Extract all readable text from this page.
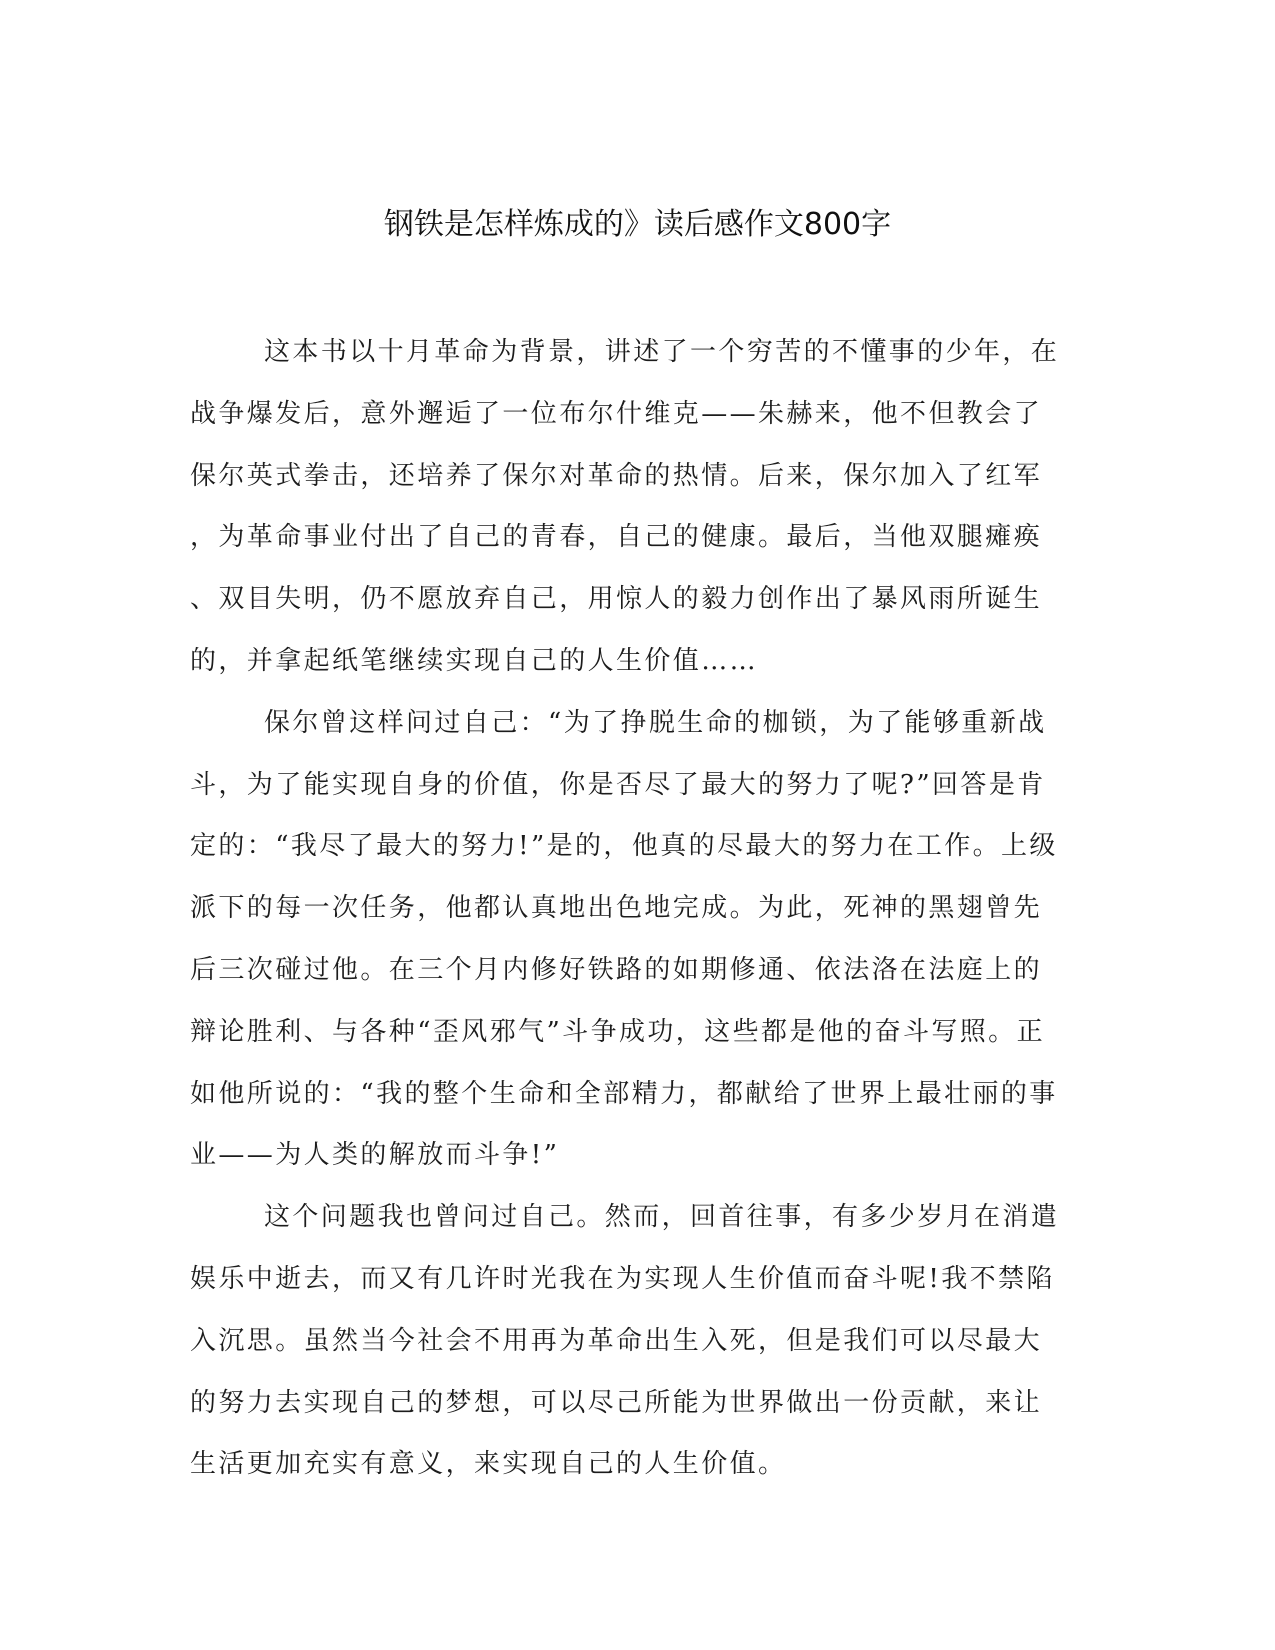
钢铁是怎样炼成的》读后感作文800字
这本书以十月革命为背景，讲述了一个穷苦的不懂事的少年，在
战争爆发后，意外邂逅了一位布尔什维克——朱赫来，他不但教会了
保尔英式拳击，还培养了保尔对革命的热情。后来，保尔加入了红军
，为革命事业付出了自己的青春，自己的健康。最后，当他双腿瘫痪
、双目失明，仍不愿放弃自己，用惊人的毅力创作出了暴风雨所诞生
的，并拿起纸笔继续实现自己的人生价值……
保尔曾这样问过自己：“为了挣脱生命的枷锁，为了能够重新战
斗，为了能实现自身的价值，你是否尽了最大的努力了呢?”回答是肯
定的：“我尽了最大的努力!”是的，他真的尽最大的努力在工作。上级
派下的每一次任务，他都认真地出色地完成。为此，死神的黑翅曾先
后三次碰过他。在三个月内修好铁路的如期修通、依法洛在法庭上的
辩论胜利、与各种“歪风邪气”斗争成功，这些都是他的奋斗写照。正
如他所说的：“我的整个生命和全部精力，都献给了世界上最壮丽的事
业——为人类的解放而斗争!”
这个问题我也曾问过自己。然而，回首往事，有多少岁月在消遣
娱乐中逝去，而又有几许时光我在为实现人生价值而奋斗呢!我不禁陷
入沉思。虽然当今社会不用再为革命出生入死，但是我们可以尽最大
的努力去实现自己的梦想，可以尽己所能为世界做出一份贡献，来让
生活更加充实有意义，来实现自己的人生价值。
